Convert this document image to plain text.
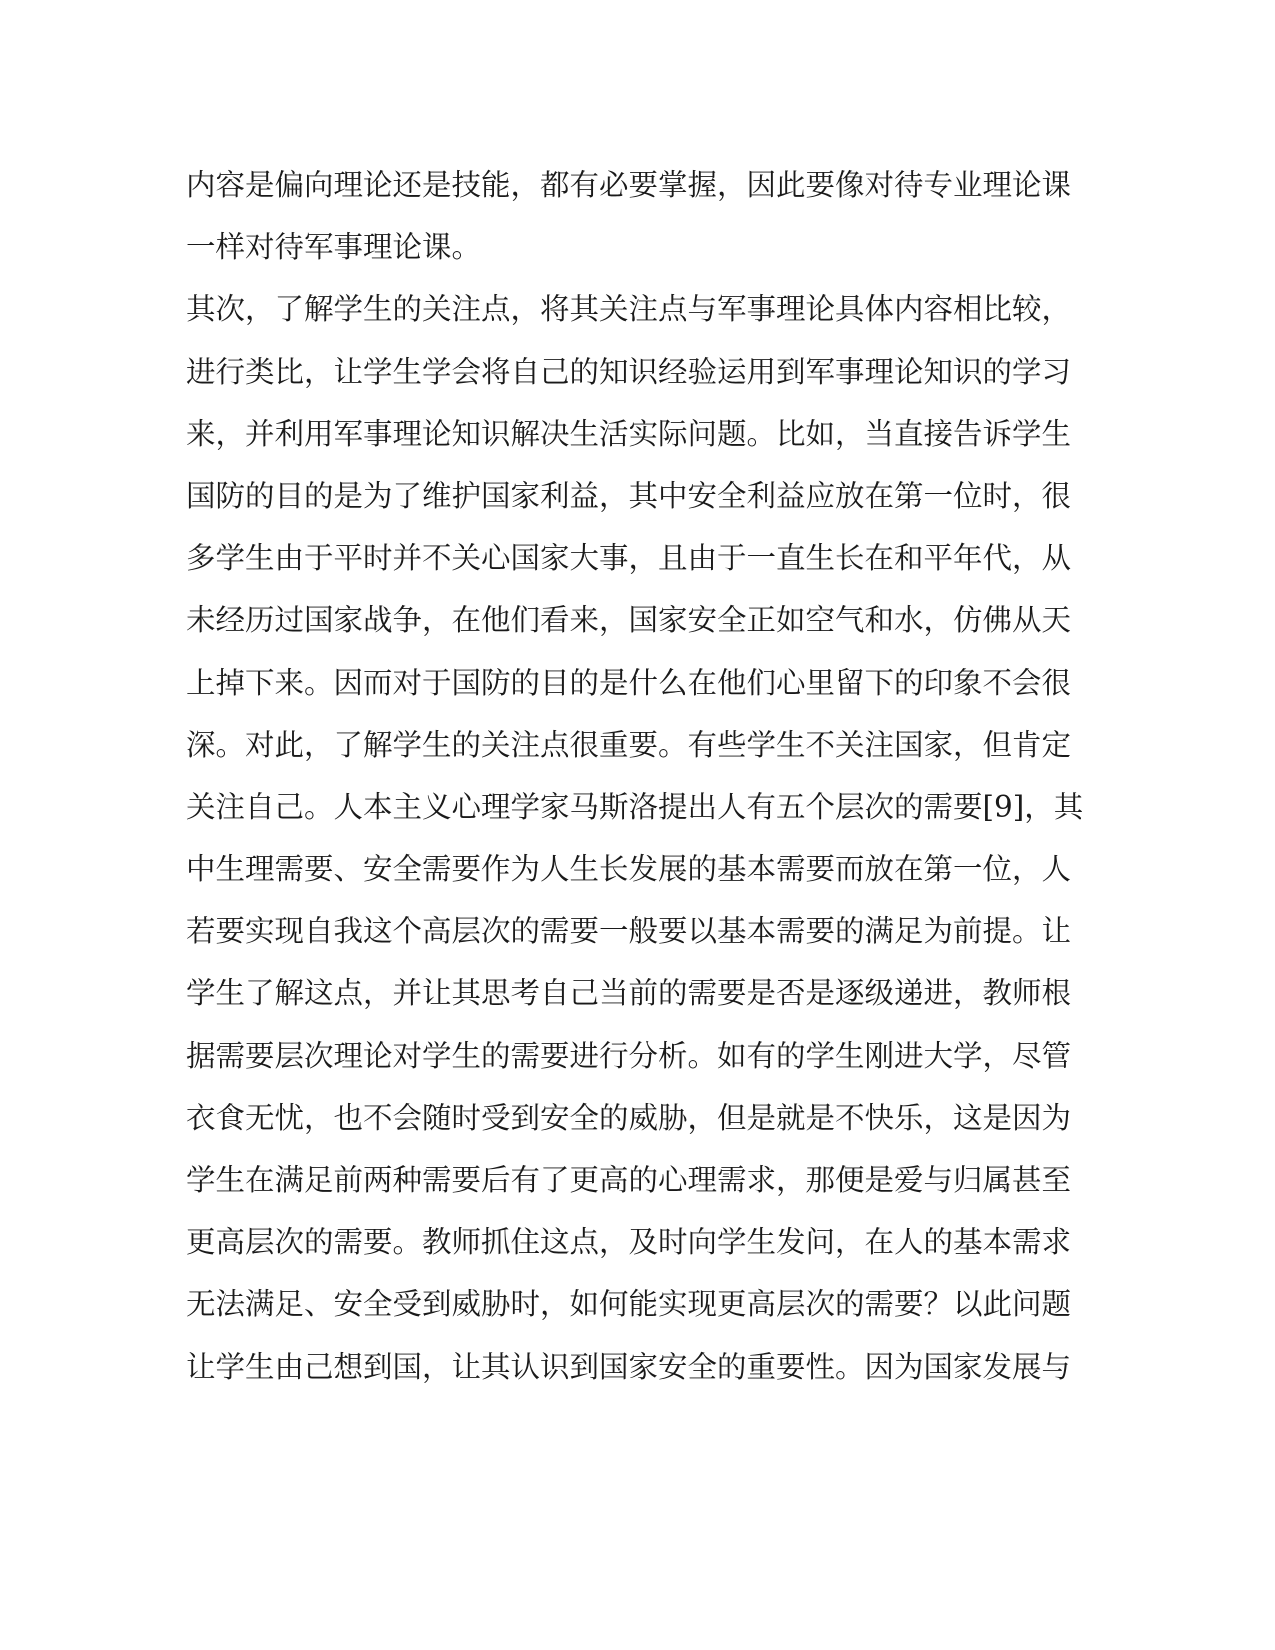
内容是偏向理论还是技能，都有必要掌握，因此要像对待专业理论课
一样对待军事理论课。
其次，了解学生的关注点，将其关注点与军事理论具体内容相比较，
进行类比，让学生学会将自己的知识经验运用到军事理论知识的学习
来，并利用军事理论知识解决生活实际问题。比如，当直接告诉学生
国防的目的是为了维护国家利益，其中安全利益应放在第一位时，很
多学生由于平时并不关心国家大事，且由于一直生长在和平年代，从
未经历过国家战争，在他们看来，国家安全正如空气和水，仿佛从天
上掉下来。因而对于国防的目的是什么在他们心里留下的印象不会很
深。对此，了解学生的关注点很重要。有些学生不关注国家，但肯定
关注自己。人本主义心理学家马斯洛提出人有五个层次的需要[9]，其
中生理需要、安全需要作为人生长发展的基本需要而放在第一位，人
若要实现自我这个高层次的需要一般要以基本需要的满足为前提。让
学生了解这点，并让其思考自己当前的需要是否是逐级递进，教师根
据需要层次理论对学生的需要进行分析。如有的学生刚进大学，尽管
衣食无忧，也不会随时受到安全的威胁，但是就是不快乐，这是因为
学生在满足前两种需要后有了更高的心理需求，那便是爱与归属甚至
更高层次的需要。教师抓住这点，及时向学生发问，在人的基本需求
无法满足、安全受到威胁时，如何能实现更高层次的需要？以此问题
让学生由己想到国，让其认识到国家安全的重要性。因为国家发展与
